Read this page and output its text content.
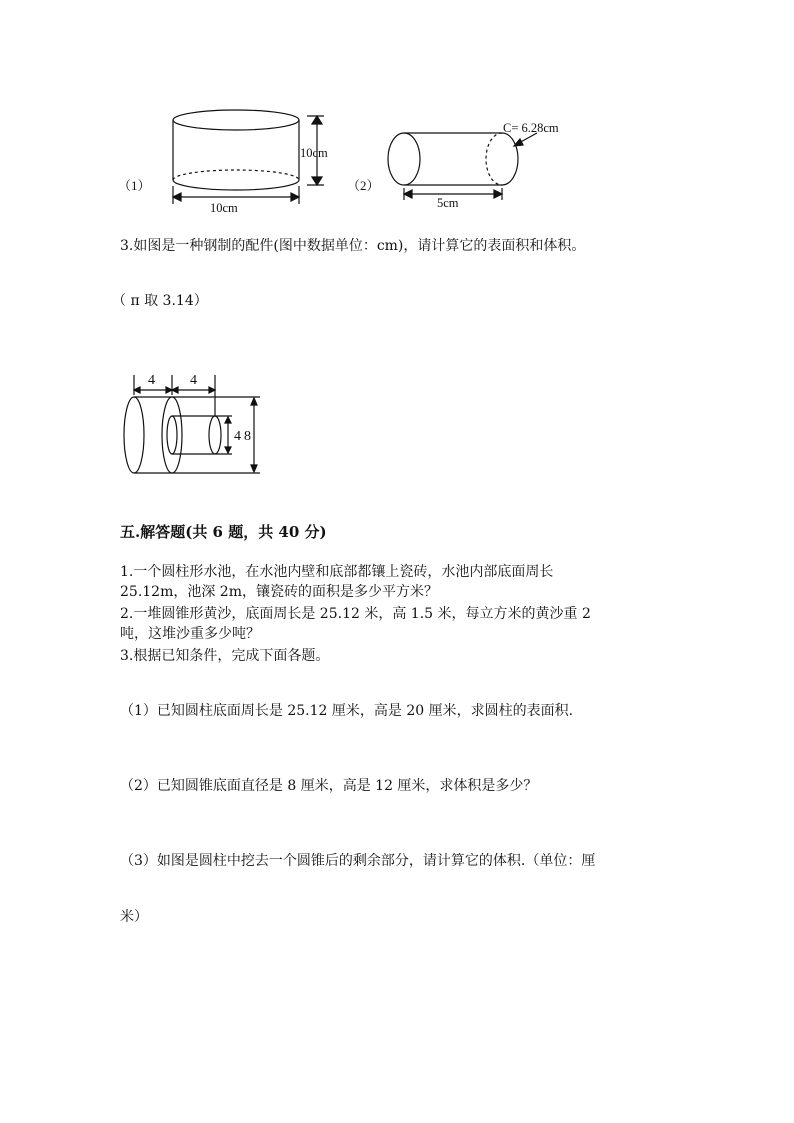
（1）
10cm
10cm
（2）
C= 6.28cm
5cm
3.如图是一种钢制的配件(图中数据单位：cm)，请计算它的表面积和体积。
（ π 取 3.14）
4	4
4 8
五.解答题(共 6 题，共 40 分)
1.一个圆柱形水池，在水池内壁和底部都镶上瓷砖，水池内部底面周长
25.12m，池深 2m，镶瓷砖的面积是多少平方米？
2.一堆圆锥形黄沙，底面周长是 25.12 米，高 1.5 米，每立方米的黄沙重 2
吨，这堆沙重多少吨？
3.根据已知条件，完成下面各题。
（1）已知圆柱底面周长是 25.12 厘米，高是 20 厘米，求圆柱的表面积.
（2）已知圆锥底面直径是 8 厘米，高是 12 厘米，求体积是多少？
（3）如图是圆柱中挖去一个圆锥后的剩余部分，请计算它的体积.（单位：厘
米）
